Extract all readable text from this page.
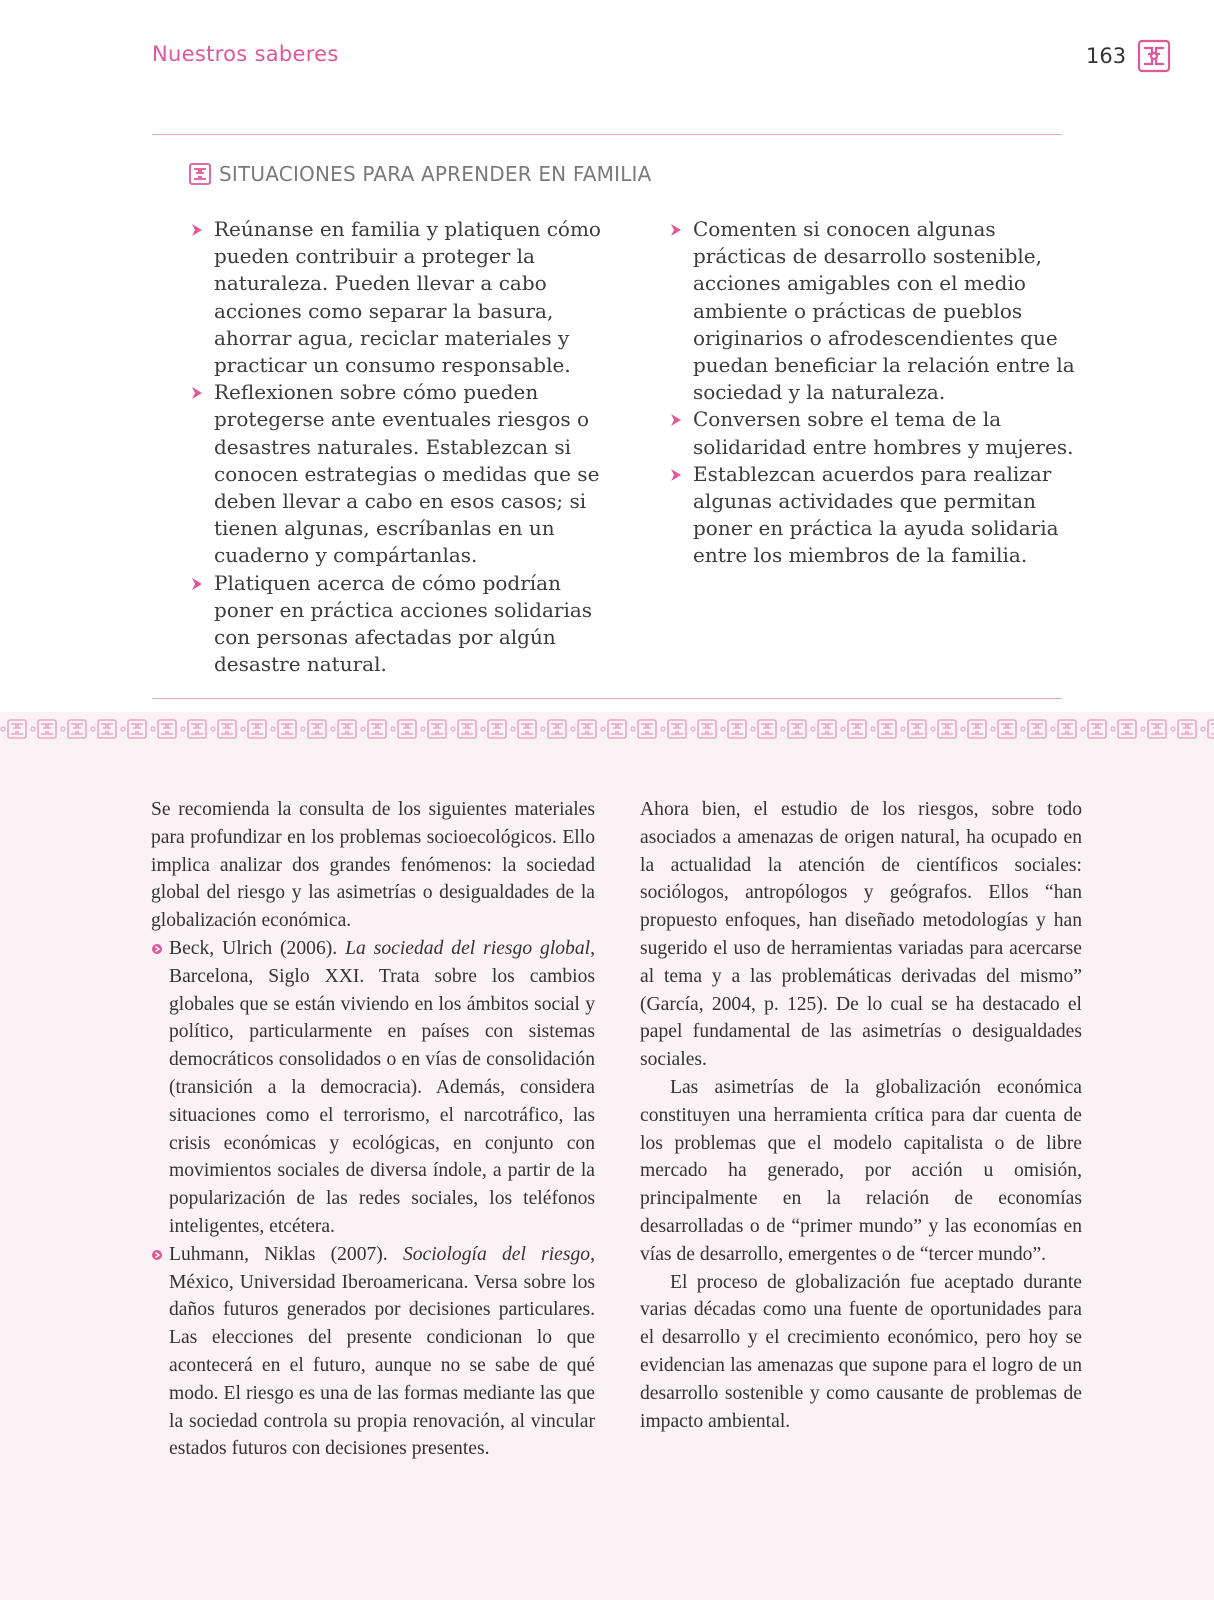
Nuestros saberes	163
SITUACIONES PARA APRENDER EN FAMILIA
Reúnanse en familia y platiquen cómo pueden contribuir a proteger la naturaleza. Pueden llevar a cabo acciones como separar la basura, ahorrar agua, reciclar materiales y practicar un consumo responsable.
Reflexionen sobre cómo pueden protegerse ante eventuales riesgos o desastres naturales. Establezcan si conocen estrategias o medidas que se deben llevar a cabo en esos casos; si tienen algunas, escríbanlas en un cuaderno y compártanlas.
Platiquen acerca de cómo podrían poner en práctica acciones solidarias con personas afectadas por algún desastre natural.
Comenten si conocen algunas prácticas de desarrollo sostenible, acciones amigables con el medio ambiente o prácticas de pueblos originarios o afrodescendientes que puedan beneficiar la relación entre la sociedad y la naturaleza.
Conversen sobre el tema de la solidaridad entre hombres y mujeres.
Establezcan acuerdos para realizar algunas actividades que permitan poner en práctica la ayuda solidaria entre los miembros de la familia.

Se recomienda la consulta de los siguientes materiales para profundizar en los problemas socioecológicos. Ello implica analizar dos grandes fenómenos: la sociedad global del riesgo y las asimetrías o desigualdades de la globalización económica.

Beck, Ulrich (2006). La sociedad del riesgo global, Barcelona, Siglo XXI. Trata sobre los cambios globales que se están viviendo en los ámbitos social y político, particularmente en países con sistemas democráticos consolidados o en vías de consolidación (transición a la democracia). Además, considera situaciones como el terrorismo, el narcotráfico, las crisis económicas y ecológicas, en conjunto con movimientos sociales de diversa índole, a partir de la popularización de las redes sociales, los teléfonos inteligentes, etcétera.
Luhmann, Niklas (2007). Sociología del riesgo, México, Universidad Iberoamericana. Versa sobre los daños futuros generados por decisiones particulares. Las elecciones del presente condicionan lo que acontecerá en el futuro, aunque no se sabe de qué modo. El riesgo es una de las formas mediante las que la sociedad controla su propia renovación, al vincular estados futuros con decisiones presentes.

Ahora bien, el estudio de los riesgos, sobre todo asociados a amenazas de origen natural, ha ocupado en la actualidad la atención de científicos sociales: sociólogos, antropólogos y geógrafos. Ellos “han propuesto enfoques, han diseñado metodologías y han sugerido el uso de herramientas variadas para acercarse al tema y a las problemáticas derivadas del mismo” (García, 2004, p. 125). De lo cual se ha destacado el papel fundamental de las asimetrías o desigualdades sociales.

Las asimetrías de la globalización económica constituyen una herramienta crítica para dar cuenta de los problemas que el modelo capitalista o de libre mercado ha generado, por acción u omisión, principalmente en la relación de economías desarrolladas o de “primer mundo” y las economías en vías de desarrollo, emergentes o de “tercer mundo”.

El proceso de globalización fue aceptado durante varias décadas como una fuente de oportunidades para el desarrollo y el crecimiento económico, pero hoy se evidencian las amenazas que supone para el logro de un desarrollo sostenible y como causante de problemas de impacto ambiental.
